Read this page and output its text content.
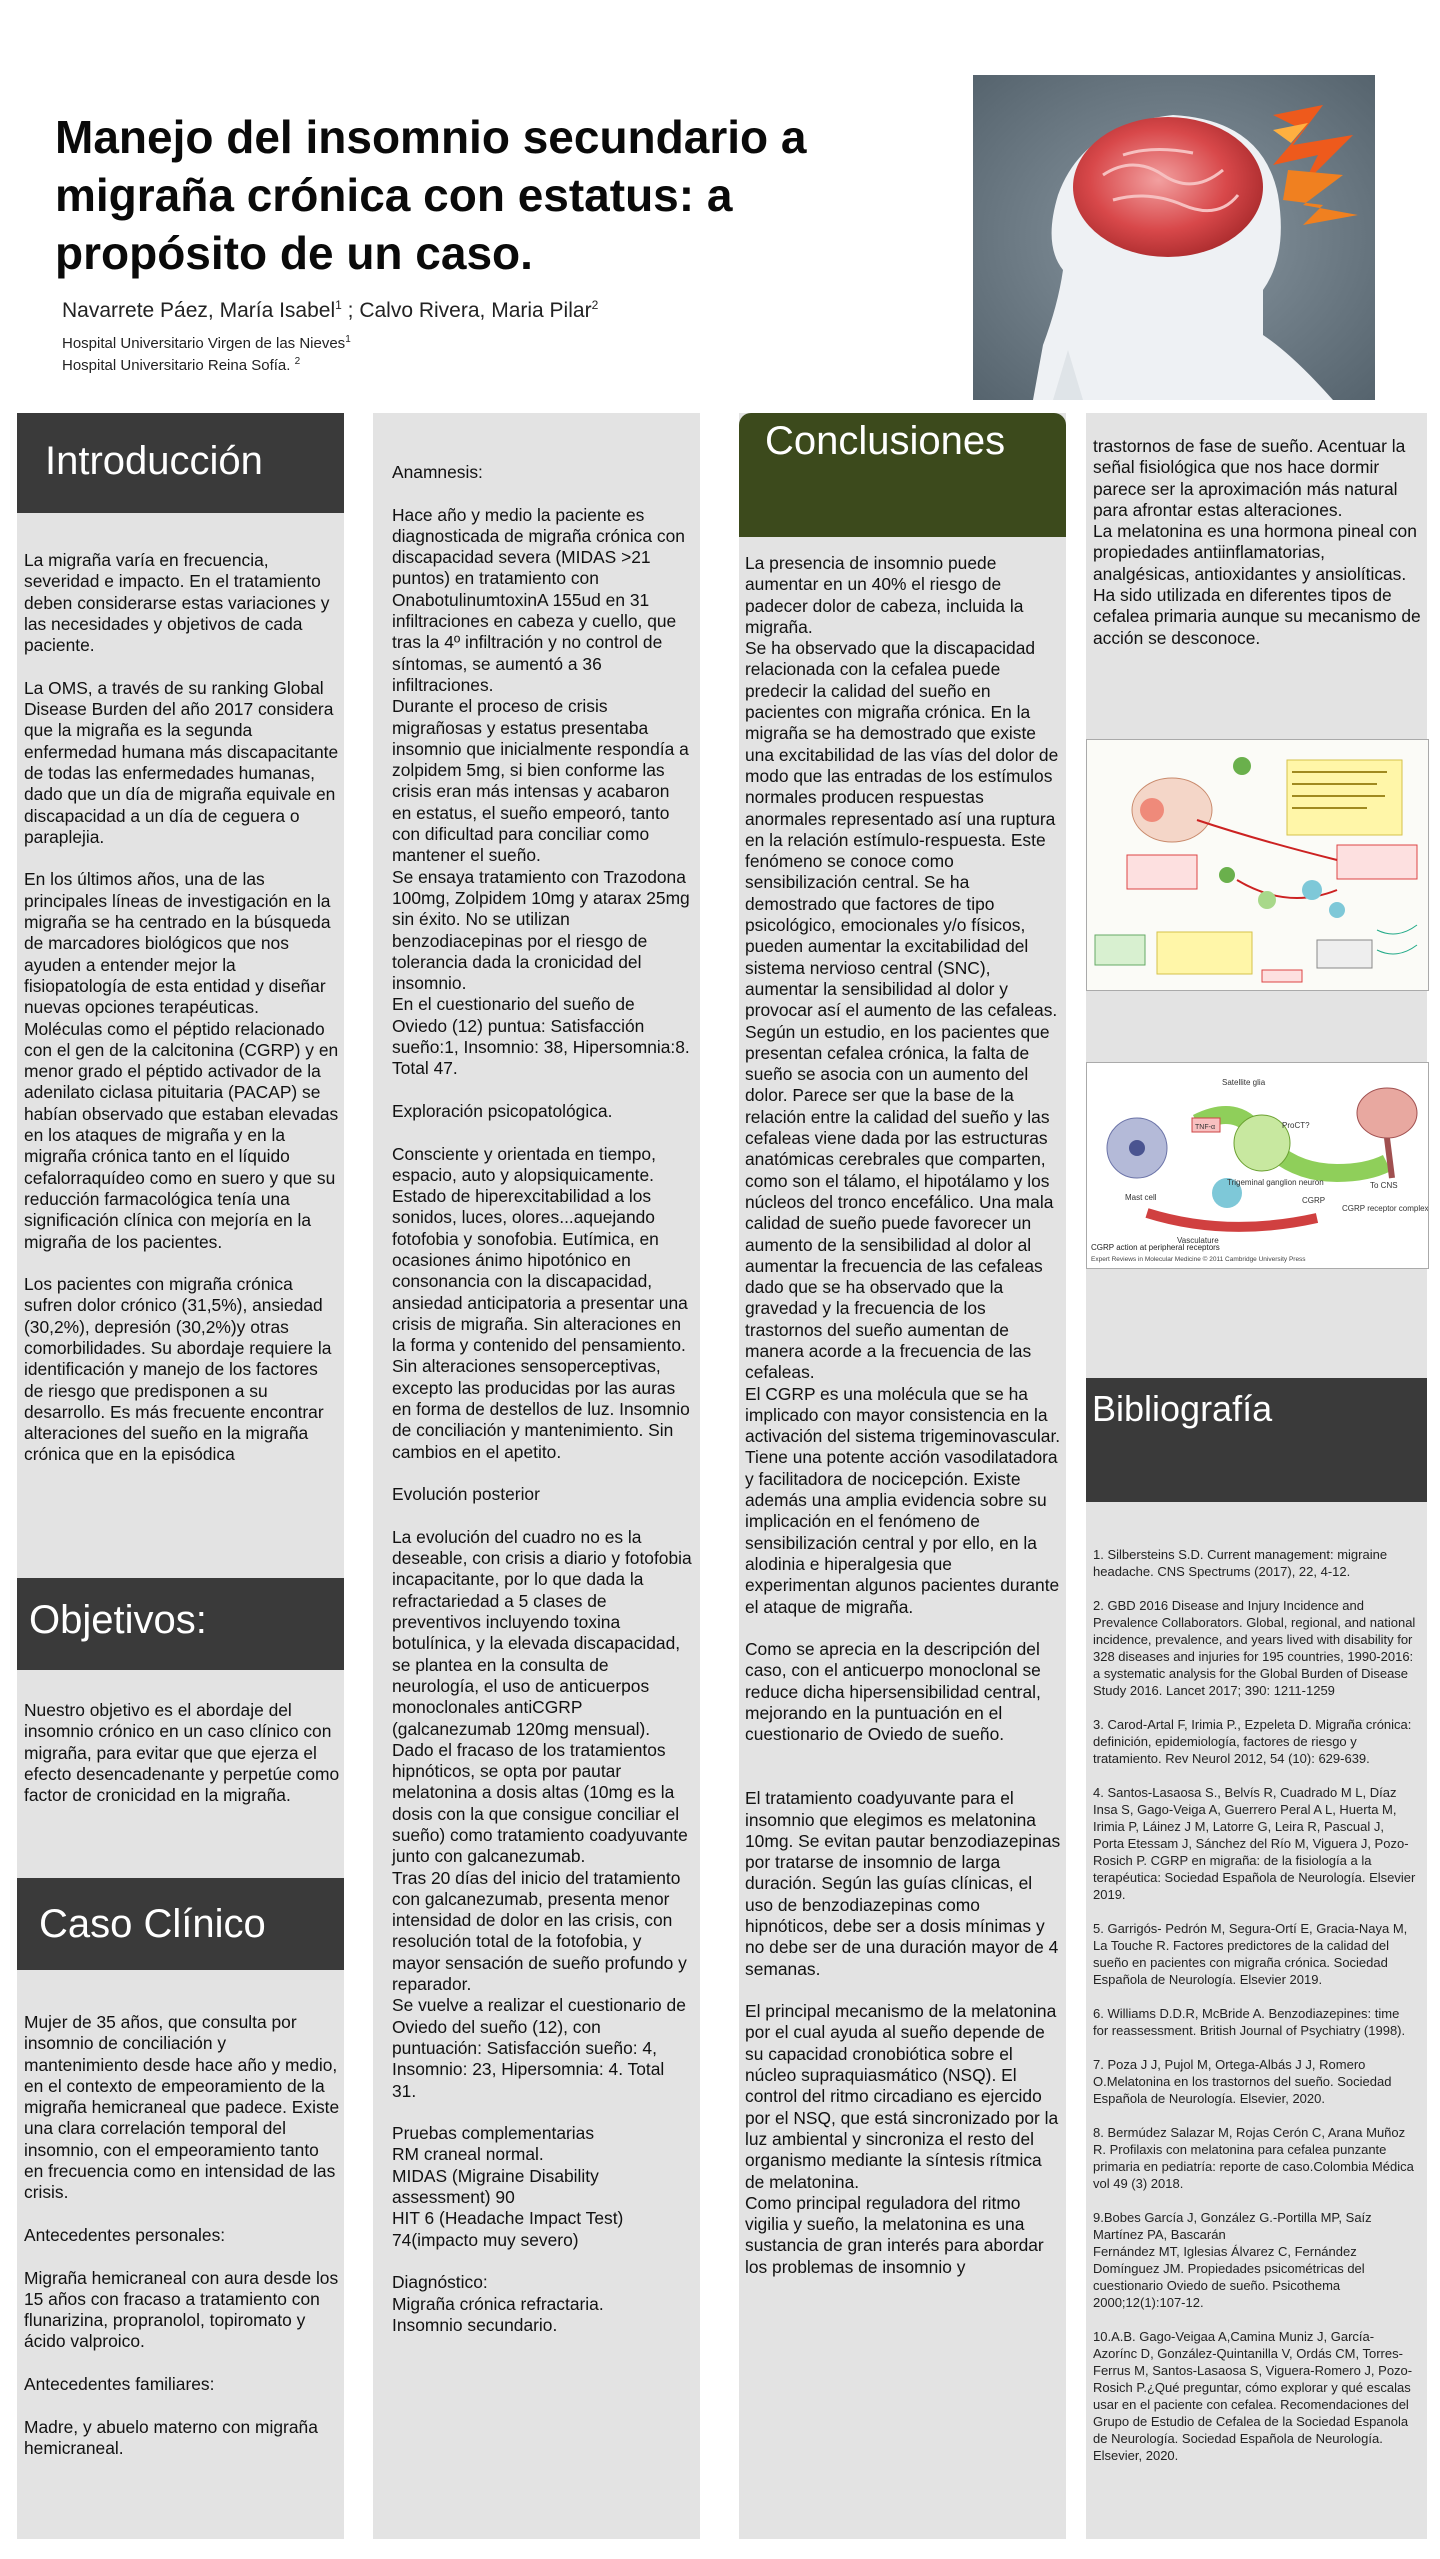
Manejo del insomnio secundario a migraña crónica con estatus: a propósito de un caso.
Navarrete Páez, María Isabel$^1$ ; Calvo Rivera, Maria Pilar$^2$
Hospital Universitario Virgen de las Nieves$^1$
Hospital Universitario Reina Sofía. $^2$
Introducción

La migraña varía en frecuencia, severidad e impacto. En el tratamiento deben considerarse estas variaciones y las necesidades y objetivos de cada paciente.

La OMS, a través de su ranking Global Disease Burden del año 2017 considera que la migraña es la segunda enfermedad humana más discapacitante de todas las enfermedades humanas, dado que un día de migraña equivale en discapacidad a un día de ceguera o paraplejia.

En los últimos años, una de las principales líneas de investigación en la migraña se ha centrado en la búsqueda de marcadores biológicos que nos ayuden a entender mejor la fisiopatología de esta entidad y diseñar nuevas opciones terapéuticas. Moléculas como el péptido relacionado con el gen de la calcitonina (CGRP) y en menor grado el péptido activador de la adenilato ciclasa pituitaria (PACAP) se habían observado que estaban elevadas en los ataques de migraña y en la migraña crónica tanto en el líquido cefalorraquídeo como en suero y que su reducción farmacológica tenía una significación clínica con mejoría en la migraña de los pacientes.

Los pacientes con migraña crónica sufren dolor crónico (31,5%), ansiedad (30,2%), depresión (30,2%)y otras comorbilidades. Su abordaje requiere la identificación y manejo de los factores de riesgo que predisponen a su desarrollo. Es más frecuente encontrar alteraciones del sueño en la migraña crónica que en la episódica

Objetivos:

Nuestro objetivo es el abordaje del insomnio crónico en un caso clínico con migraña, para evitar que que ejerza el efecto desencadenante y perpetúe como factor de cronicidad en la migraña.

Caso Clínico

Mujer de 35 años, que consulta por insomnio de conciliación y mantenimiento desde hace año y medio, en el contexto de empeoramiento de la migraña hemicraneal que padece. Existe una clara correlación temporal del insomnio, con el empeoramiento tanto en frecuencia como en intensidad de las crisis.

Antecedentes personales:

Migraña hemicraneal con aura desde los 15 años con fracaso a tratamiento con flunarizina, propranolol, topiromato y ácido valproico.

Antecedentes familiares:

Madre, y abuelo materno con migraña hemicraneal.

Anamnesis:

Hace año y medio la paciente es diagnosticada de migraña crónica con discapacidad severa (MIDAS >21 puntos) en tratamiento con OnabotulinumtoxinA 155ud en 31 infiltraciones en cabeza y cuello, que tras la 4º infiltración y no control de síntomas, se aumentó a 36 infiltraciones.
Durante el proceso de crisis migrañosas y estatus presentaba insomnio que inicialmente respondía a zolpidem 5mg, si bien conforme las crisis eran más intensas y acabaron en estatus, el sueño empeoró, tanto con dificultad para conciliar como mantener el sueño.
Se ensaya tratamiento con Trazodona 100mg, Zolpidem 10mg y atarax 25mg sin éxito. No se utilizan benzodiacepinas por el riesgo de tolerancia dada la cronicidad del insomnio.
En el cuestionario del sueño de Oviedo (12) puntua: Satisfacción sueño:1, Insomnio: 38, Hipersomnia:8. Total 47.

Exploración psicopatológica.

Consciente y orientada en tiempo, espacio, auto y alopsiquicamente. Estado de hiperexcitabilidad a los sonidos, luces, olores...aquejando fotofobia y sonofobia. Eutímica, en ocasiones ánimo hipotónico en consonancia con la discapacidad, ansiedad anticipatoria a presentar una crisis de migraña. Sin alteraciones en la forma y contenido del pensamiento. Sin alteraciones sensoperceptivas, excepto las producidas por las auras en forma de destellos de luz. Insomnio de conciliación y mantenimiento. Sin cambios en el apetito.

Evolución posterior

La evolución del cuadro no es la deseable, con crisis a diario y fotofobia incapacitante, por lo que dada la refractariedad a 5 clases de preventivos incluyendo toxina botulínica, y la elevada discapacidad, se plantea en la consulta de neurología, el uso de anticuerpos monoclonales antiCGRP (galcanezumab 120mg mensual).
Dado el fracaso de los tratamientos hipnóticos, se opta por pautar melatonina a dosis altas (10mg es la dosis con la que consigue conciliar el sueño) como tratamiento coadyuvante junto con galcanezumab.
Tras 20 días del inicio del tratamiento con galcanezumab, presenta menor intensidad de dolor en las crisis, con resolución total de la fotofobia, y mayor sensación de sueño profundo y reparador.
Se vuelve a realizar el cuestionario de Oviedo del sueño (12), con puntuación: Satisfacción sueño: 4, Insomnio: 23, Hipersomnia: 4. Total 31.

Pruebas complementarias

RM craneal normal.
MIDAS (Migraine Disability assessment) 90
HIT 6 (Headache Impact Test) 74(impacto muy severo)

Diagnóstico:

Migraña crónica refractaria.
Insomnio secundario.

Conclusiones

La presencia de insomnio puede aumentar en un 40% el riesgo de padecer dolor de cabeza, incluida la migraña.
Se ha observado que la discapacidad relacionada con la cefalea puede predecir la calidad del sueño en pacientes con migraña crónica. En la migraña se ha demostrado que existe una excitabilidad de las vías del dolor de modo que las entradas de los estímulos normales producen respuestas anormales representado así una ruptura en la relación estímulo-respuesta. Este fenómeno se conoce como sensibilización central. Se ha demostrado que factores de tipo psicológico, emocionales y/o físicos, pueden aumentar la excitabilidad del sistema nervioso central (SNC), aumentar la sensibilidad al dolor y provocar así el aumento de las cefaleas. Según un estudio, en los pacientes que presentan cefalea crónica, la falta de sueño se asocia con un aumento del dolor. Parece ser que la base de la relación entre la calidad del sueño y las cefaleas viene dada por las estructuras anatómicas cerebrales que comparten, como son el tálamo, el hipotálamo y los núcleos del tronco encefálico. Una mala calidad de sueño puede favorecer un aumento de la sensibilidad al dolor al aumentar la frecuencia de las cefaleas dado que se ha observado que la gravedad y la frecuencia de los trastornos del sueño aumentan de manera acorde a la frecuencia de las cefaleas.
El CGRP es una molécula que se ha implicado con mayor consistencia en la activación del sistema trigeminovascular. Tiene una potente acción vasodilatadora y facilitadora de nocicepción. Existe además una amplia evidencia sobre su implicación en el fenómeno de sensibilización central y por ello, en la alodinia e hiperalgesia que experimentan algunos pacientes durante el ataque de migraña.

Como se aprecia en la descripción del caso, con el anticuerpo monoclonal se reduce dicha hipersensibilidad central, mejorando en la puntuación en el cuestionario de Oviedo de sueño.

El tratamiento coadyuvante para el insomnio que elegimos es melatonina 10mg. Se evitan pautar benzodiazepinas por tratarse de insomnio de larga duración. Según las guías clínicas, el uso de benzodiazepinas como hipnóticos, debe ser a dosis mínimas y no debe ser de una duración mayor de 4 semanas.

El principal mecanismo de la melatonina por el cual ayuda al sueño depende de su capacidad cronobiótica sobre el núcleo supraquiasmático (NSQ). El control del ritmo circadiano es ejercido por el NSQ, que está sincronizado por la luz ambiental y sincroniza el resto del organismo mediante la síntesis rítmica de melatonina.
Como principal reguladora del ritmo vigilia y sueño, la melatonina es una sustancia de gran interés para abordar los problemas de insomnio y

trastornos de fase de sueño. Acentuar la señal fisiológica que nos hace dormir parece ser la aproximación más natural para afrontar estas alteraciones.
La melatonina es una hormona pineal con propiedades antiinflamatorias, analgésicas, antioxidantes y ansiolíticas. Ha sido utilizada en diferentes tipos de cefalea primaria aunque su mecanismo de acción se desconoce.

Mast cell
Trigeminal ganglion neuron
Vasculature
CGRP
CGRP receptor complex
To CNS
Satellite glia
TNF-α	ProCT?
CGRP action at peripheral receptors
Expert Reviews in Molecular Medicine © 2011 Cambridge University Press
Bibliografía

1. Silbersteins S.D. Current management: migraine headache. CNS Spectrums (2017), 22, 4-12.

2. GBD 2016 Disease and Injury Incidence and Prevalence Collaborators. Global, regional, and national incidence, prevalence, and years lived with disability for 328 diseases and injuries for 195 countries, 1990-2016: a systematic analysis for the Global Burden of Disease Study 2016. Lancet 2017; 390: 1211-1259

3. Carod-Artal F, Irimia P., Ezpeleta D. Migraña crónica: definición, epidemiología, factores de riesgo y tratamiento. Rev Neurol 2012, 54 (10): 629-639.

4. Santos-Lasaosa S., Belvís R, Cuadrado M L, Díaz Insa S, Gago-Veiga A, Guerrero Peral A L, Huerta M, Irimia P, Láinez J M, Latorre G, Leira R, Pascual J, Porta Etessam J, Sánchez del Río M, Viguera J, Pozo-Rosich P. CGRP en migraña: de la fisiología a la terapéutica: Sociedad Española de Neurología. Elsevier 2019.

5. Garrigós- Pedrón M, Segura-Ortí E, Gracia-Naya M, La Touche R. Factores predictores de la calidad del sueño en pacientes con migraña crónica. Sociedad Española de Neurología. Elsevier 2019.

6. Williams D.D.R, McBride A. Benzodiazepines: time for reassessment. British Journal of Psychiatry (1998).

7. Poza J J, Pujol M, Ortega-Albás J J, Romero O.Melatonina en los trastornos del sueño. Sociedad Española de Neurología. Elsevier, 2020.

8. Bermúdez Salazar M, Rojas Cerón C, Arana Muñoz R. Profilaxis con melatonina para cefalea punzante primaria en pediatría: reporte de caso.Colombia Médica vol 49 (3) 2018.

9.Bobes García J, González G.-Portilla MP, Saíz Martínez PA, Bascarán
Fernández MT, Iglesias Álvarez C, Fernández Domínguez JM. Propiedades psicométricas del cuestionario Oviedo de sueño. Psicothema
2000;12(1):107-12.

10.A.B. Gago-Veigaa A,Camina Muniz J, García-Azorínc D, González-Quintanilla V, Ordás CM, Torres-Ferrus M, Santos-Lasaosa S, Viguera-Romero J, Pozo-Rosich P.¿Qué preguntar, cómo explorar y qué escalas usar en el paciente con cefalea. Recomendaciones del Grupo de Estudio de Cefalea de la Sociedad Espanola de Neurología. Sociedad Española de Neurología. Elsevier, 2020.
